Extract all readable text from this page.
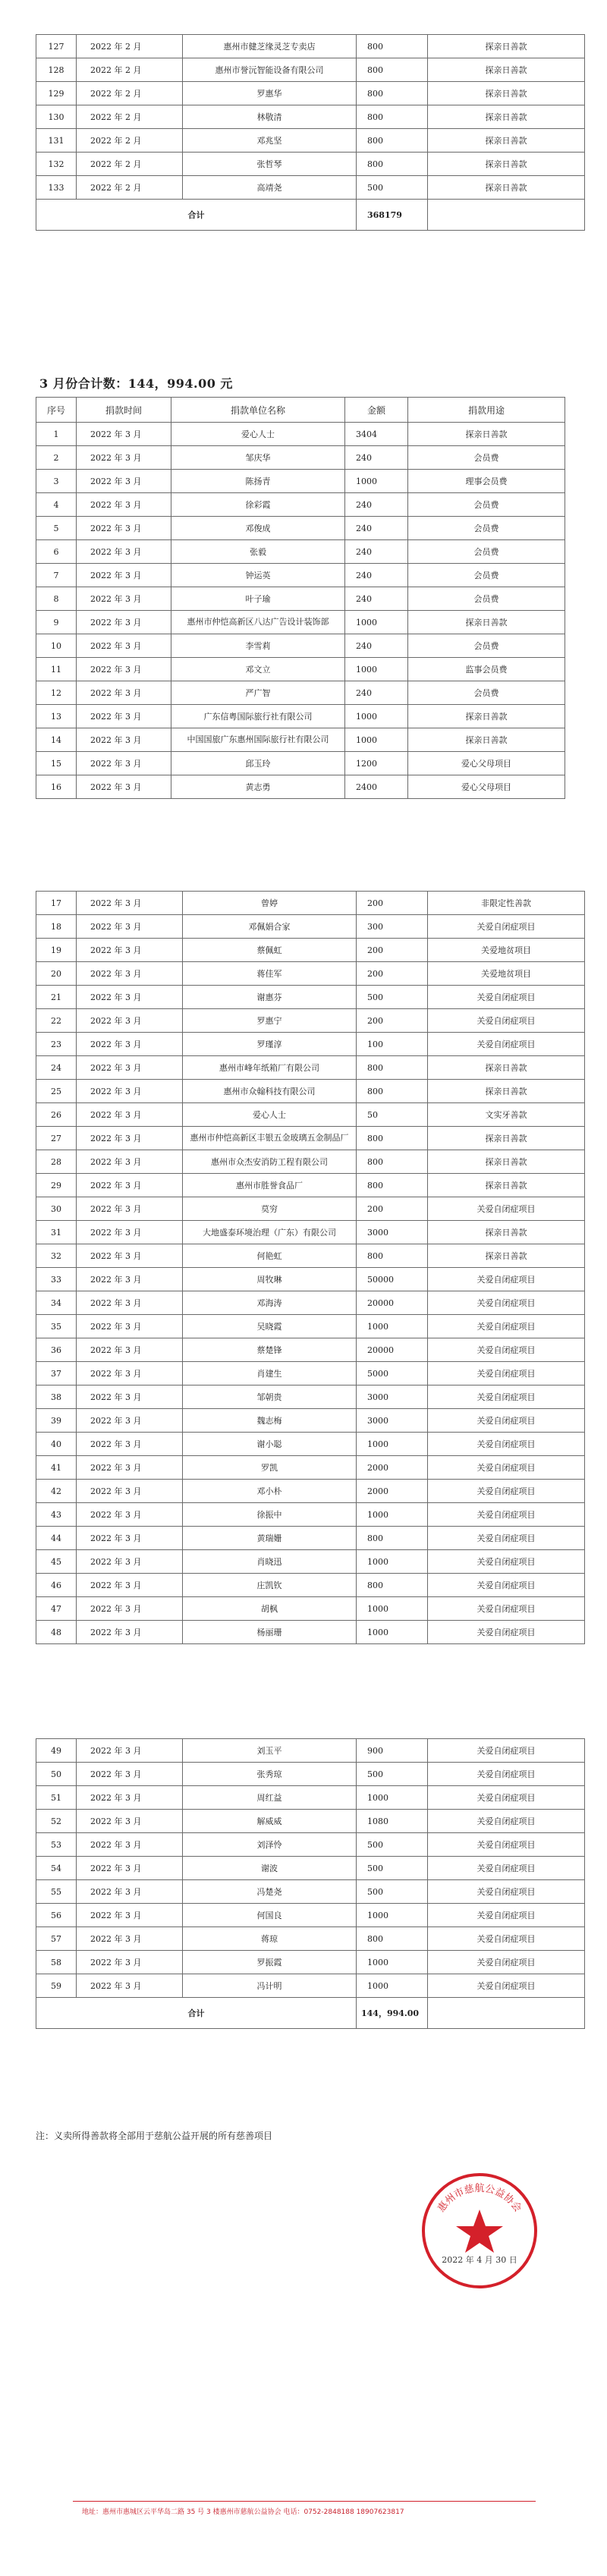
127	2022 年 2 月	惠州市健芝缘灵芝专卖店	800	探亲日善款
128	2022 年 2 月	惠州市誉沅智能设备有限公司	800	探亲日善款
129	2022 年 2 月	罗惠华	800	探亲日善款
130	2022 年 2 月	林敬清	800	探亲日善款
131	2022 年 2 月	邓兆坚	800	探亲日善款
132	2022 年 2 月	张哲琴	800	探亲日善款
133	2022 年 2 月	高靖尧	500	探亲日善款
合计			368179	
3 月份合计数：144，994.00 元
序号	捐款时间	捐款单位名称	金额	捐款用途
1	2022 年 3 月	爱心人士	3404	探亲日善款
2	2022 年 3 月	邹庆华	240	会员费
3	2022 年 3 月	陈扬青	1000	理事会员费
4	2022 年 3 月	徐彩霞	240	会员费
5	2022 年 3 月	邓俊成	240	会员费
6	2022 年 3 月	张毅	240	会员费
7	2022 年 3 月	钟运英	240	会员费
8	2022 年 3 月	叶子瑜	240	会员费
9	2022 年 3 月	惠州市仲恺高新区八达广告设计装饰部	1000	探亲日善款
10	2022 年 3 月	李雪莉	240	会员费
11	2022 年 3 月	邓文立	1000	监事会员费
12	2022 年 3 月	严广智	240	会员费
13	2022 年 3 月	广东信粤国际旅行社有限公司	1000	探亲日善款
14	2022 年 3 月	中国国旅广东惠州国际旅行社有限公司	1000	探亲日善款
15	2022 年 3 月	邱玉玲	1200	爱心父母项目
16	2022 年 3 月	黄志勇	2400	爱心父母项目
17	2022 年 3 月	曾婷	200	非限定性善款
18	2022 年 3 月	邓佩娟合家	300	关爱自闭症项目
19	2022 年 3 月	蔡佩虹	200	关爱地贫项目
20	2022 年 3 月	蒋佳军	200	关爱地贫项目
21	2022 年 3 月	谢惠芬	500	关爱自闭症项目
22	2022 年 3 月	罗惠宁	200	关爱自闭症项目
23	2022 年 3 月	罗瑾淳	100	关爱自闭症项目
24	2022 年 3 月	惠州市峰年纸箱厂有限公司	800	探亲日善款
25	2022 年 3 月	惠州市众翰科技有限公司	800	探亲日善款
26	2022 年 3 月	爱心人士	50	文实牙善款
27	2022 年 3 月	惠州市仲恺高新区丰银五金玻璃五金制品厂	800	探亲日善款
28	2022 年 3 月	惠州市众杰安消防工程有限公司	800	探亲日善款
29	2022 年 3 月	惠州市胜誉食品厂	800	探亲日善款
30	2022 年 3 月	莫穷	200	关爱自闭症项目
31	2022 年 3 月	大地盛泰环境治理（广东）有限公司	3000	探亲日善款
32	2022 年 3 月	何艳虹	800	探亲日善款
33	2022 年 3 月	周牧琳	50000	关爱自闭症项目
34	2022 年 3 月	邓海涛	20000	关爱自闭症项目
35	2022 年 3 月	吴晓霞	1000	关爱自闭症项目
36	2022 年 3 月	蔡楚锋	20000	关爱自闭症项目
37	2022 年 3 月	肖建生	5000	关爱自闭症项目
38	2022 年 3 月	邹朝贵	3000	关爱自闭症项目
39	2022 年 3 月	魏志梅	3000	关爱自闭症项目
40	2022 年 3 月	谢小聪	1000	关爱自闭症项目
41	2022 年 3 月	罗凯	2000	关爱自闭症项目
42	2022 年 3 月	邓小朴	2000	关爱自闭症项目
43	2022 年 3 月	徐振中	1000	关爱自闭症项目
44	2022 年 3 月	黄瑞姗	800	关爱自闭症项目
45	2022 年 3 月	肖晓迅	1000	关爱自闭症项目
46	2022 年 3 月	庄凯钦	800	关爱自闭症项目
47	2022 年 3 月	胡枫	1000	关爱自闭症项目
48	2022 年 3 月	杨丽珊	1000	关爱自闭症项目
49	2022 年 3 月	刘玉平	900	关爱自闭症项目
50	2022 年 3 月	张秀琼	500	关爱自闭症项目
51	2022 年 3 月	周红益	1000	关爱自闭症项目
52	2022 年 3 月	解威威	1080	关爱自闭症项目
53	2022 年 3 月	刘泽怜	500	关爱自闭症项目
54	2022 年 3 月	谢波	500	关爱自闭症项目
55	2022 年 3 月	冯楚尧	500	关爱自闭症项目
56	2022 年 3 月	何国良	1000	关爱自闭症项目
57	2022 年 3 月	蒋琼	800	关爱自闭症项目
58	2022 年 3 月	罗振霞	1000	关爱自闭症项目
59	2022 年 3 月	冯计明	1000	关爱自闭症项目
合计			144，994.00	
注：义卖所得善款将全部用于慈航公益开展的所有慈善项目
惠州市慈航公益协会
2022 年 4 月 30 日
地址：惠州市惠城区云平华岛二路 35 号 3 楼惠州市慈航公益协会 电话：0752-2848188 18907623817
